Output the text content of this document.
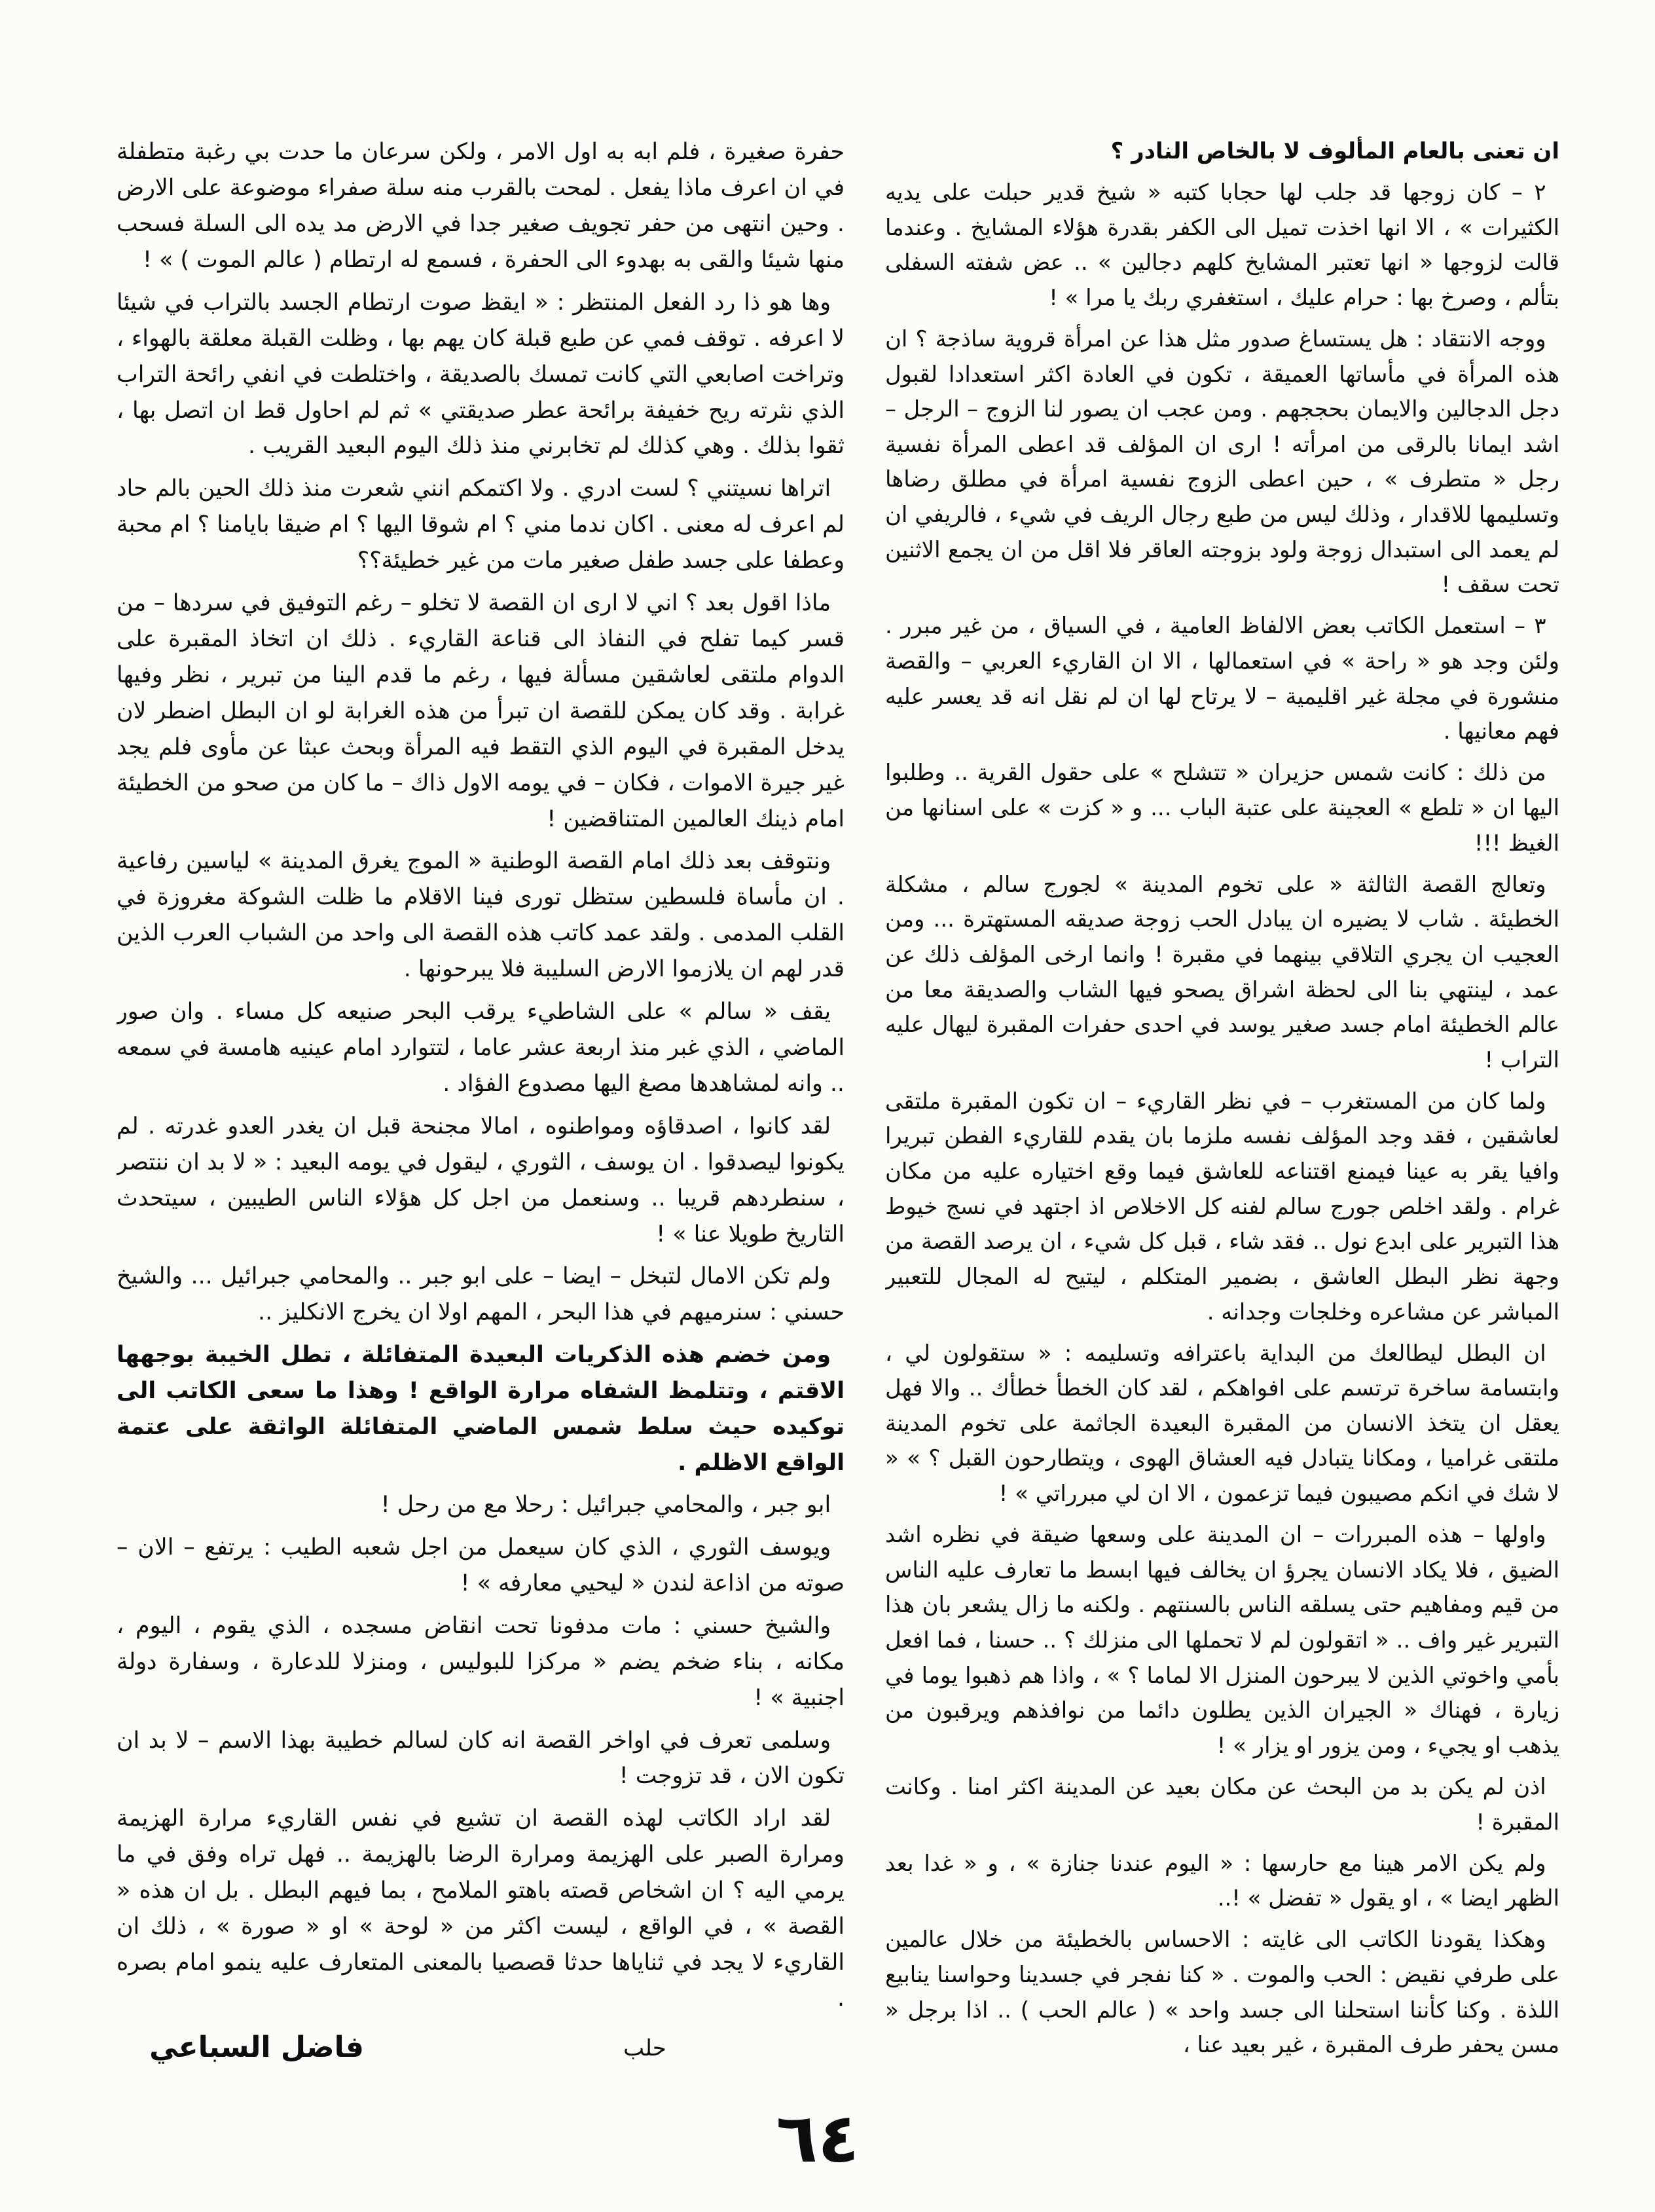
ان تعنى بالعام المألوف لا بالخاص النادر ؟

٢ – كان زوجها قد جلب لها حجابا كتبه « شيخ قدير حبلت على يديه الكثيرات » ، الا انها اخذت تميل الى الكفر بقدرة هؤلاء المشايخ . وعندما قالت لزوجها « انها تعتبر المشايخ كلهم دجالين » .. عض شفته السفلى بتألم ، وصرخ بها : حرام عليك ، استغفري ربك يا مرا » !

ووجه الانتقاد : هل يستساغ صدور مثل هذا عن امرأة قروية ساذجة ؟ ان هذه المرأة في مأساتها العميقة ، تكون في العادة اكثر استعدادا لقبول دجل الدجالين والايمان بحججهم . ومن عجب ان يصور لنا الزوج – الرجل – اشد ايمانا بالرقى من امرأته ! ارى ان المؤلف قد اعطى المرأة نفسية رجل « متطرف » ، حين اعطى الزوج نفسية امرأة في مطلق رضاها وتسليمها للاقدار ، وذلك ليس من طبع رجال الريف في شيء ، فالريفي ان لم يعمد الى استبدال زوجة ولود بزوجته العاقر فلا اقل من ان يجمع الاثنين تحت سقف !

٣ – استعمل الكاتب بعض الالفاظ العامية ، في السياق ، من غير مبرر . ولئن وجد هو « راحة » في استعمالها ، الا ان القاريء العربي – والقصة منشورة في مجلة غير اقليمية – لا يرتاح لها ان لم نقل انه قد يعسر عليه فهم معانيها .

من ذلك : كانت شمس حزيران « تتشلح » على حقول القرية .. وطلبوا اليها ان « تلطع » العجينة على عتبة الباب ... و « كزت » على اسنانها من الغيظ !!!

وتعالج القصة الثالثة « على تخوم المدينة » لجورج سالم ، مشكلة الخطيئة . شاب لا يضيره ان يبادل الحب زوجة صديقه المستهترة ... ومن العجيب ان يجري التلاقي بينهما في مقبرة ! وانما ارخى المؤلف ذلك عن عمد ، لينتهي بنا الى لحظة اشراق يصحو فيها الشاب والصديقة معا من عالم الخطيئة امام جسد صغير يوسد في احدى حفرات المقبرة ليهال عليه التراب !

ولما كان من المستغرب – في نظر القاريء – ان تكون المقبرة ملتقى لعاشقين ، فقد وجد المؤلف نفسه ملزما بان يقدم للقاريء الفطن تبريرا وافيا يقر به عينا فيمنع اقتناعه للعاشق فيما وقع اختياره عليه من مكان غرام . ولقد اخلص جورج سالم لفنه كل الاخلاص اذ اجتهد في نسج خيوط هذا التبرير على ابدع نول .. فقد شاء ، قبل كل شيء ، ان يرصد القصة من وجهة نظر البطل العاشق ، بضمير المتكلم ، ليتيح له المجال للتعبير المباشر عن مشاعره وخلجات وجدانه .

ان البطل ليطالعك من البداية باعترافه وتسليمه : « ستقولون لي ، وابتسامة ساخرة ترتسم على افواهكم ، لقد كان الخطأ خطأك .. والا فهل يعقل ان يتخذ الانسان من المقبرة البعيدة الجاثمة على تخوم المدينة ملتقى غراميا ، ومكانا يتبادل فيه العشاق الهوى ، ويتطارحون القبل ؟ » « لا شك في انكم مصيبون فيما تزعمون ، الا ان لي مبرراتي » !

واولها – هذه المبررات – ان المدينة على وسعها ضيقة في نظره اشد الضيق ، فلا يكاد الانسان يجرؤ ان يخالف فيها ابسط ما تعارف عليه الناس من قيم ومفاهيم حتى يسلقه الناس بالسنتهم . ولكنه ما زال يشعر بان هذا التبرير غير واف .. « اتقولون لم لا تحملها الى منزلك ؟ .. حسنا ، فما افعل بأمي واخوتي الذين لا يبرحون المنزل الا لماما ؟ » ، واذا هم ذهبوا يوما في زيارة ، فهناك « الجيران الذين يطلون دائما من نوافذهم ويرقبون من يذهب او يجيء ، ومن يزور او يزار » !

اذن لم يكن بد من البحث عن مكان بعيد عن المدينة اكثر امنا . وكانت المقبرة !

ولم يكن الامر هينا مع حارسها : « اليوم عندنا جنازة » ، و « غدا بعد الظهر ايضا » ، او يقول « تفضل » !..

وهكذا يقودنا الكاتب الى غايته : الاحساس بالخطيئة من خلال عالمين على طرفي نقيض : الحب والموت . « كنا نفجر في جسدينا وحواسنا ينابيع اللذة . وكنا كأننا استحلنا الى جسد واحد » ( عالم الحب ) .. اذا برجل « مسن يحفر طرف المقبرة ، غير بعيد عنا ،

حفرة صغيرة ، فلم ابه به اول الامر ، ولكن سرعان ما حدت بي رغبة متطفلة في ان اعرف ماذا يفعل . لمحت بالقرب منه سلة صفراء موضوعة على الارض . وحين انتهى من حفر تجويف صغير جدا في الارض مد يده الى السلة فسحب منها شيئا والقى به بهدوء الى الحفرة ، فسمع له ارتطام ( عالم الموت ) » !

وها هو ذا رد الفعل المنتظر : « ايقظ صوت ارتطام الجسد بالتراب في شيئا لا اعرفه . توقف فمي عن طبع قبلة كان يهم بها ، وظلت القبلة معلقة بالهواء ، وتراخت اصابعي التي كانت تمسك بالصديقة ، واختلطت في انفي رائحة التراب الذي نثرته ريح خفيفة برائحة عطر صديقتي » ثم لم احاول قط ان اتصل بها ، ثقوا بذلك . وهي كذلك لم تخابرني منذ ذلك اليوم البعيد القريب .

اتراها نسيتني ؟ لست ادري . ولا اكتمكم انني شعرت منذ ذلك الحين بالم حاد لم اعرف له معنى . اكان ندما مني ؟ ام شوقا اليها ؟ ام ضيقا بايامنا ؟ ام محبة وعطفا على جسد طفل صغير مات من غير خطيئة؟؟

ماذا اقول بعد ؟ اني لا ارى ان القصة لا تخلو – رغم التوفيق في سردها – من قسر كيما تفلح في النفاذ الى قناعة القاريء . ذلك ان اتخاذ المقبرة على الدوام ملتقى لعاشقين مسألة فيها ، رغم ما قدم الينا من تبرير ، نظر وفيها غرابة . وقد كان يمكن للقصة ان تبرأ من هذه الغرابة لو ان البطل اضطر لان يدخل المقبرة في اليوم الذي التقط فيه المرأة وبحث عبثا عن مأوى فلم يجد غير جيرة الاموات ، فكان – في يومه الاول ذاك – ما كان من صحو من الخطيئة امام ذينك العالمين المتناقضين !

ونتوقف بعد ذلك امام القصة الوطنية « الموج يغرق المدينة » لياسين رفاعية . ان مأساة فلسطين ستظل تورى فينا الاقلام ما ظلت الشوكة مغروزة في القلب المدمى . ولقد عمد كاتب هذه القصة الى واحد من الشباب العرب الذين قدر لهم ان يلازموا الارض السليبة فلا يبرحونها .

يقف « سالم » على الشاطيء يرقب البحر صنيعه كل مساء . وان صور الماضي ، الذي غبر منذ اربعة عشر عاما ، لتتوارد امام عينيه هامسة في سمعه .. وانه لمشاهدها مصغ اليها مصدوع الفؤاد .

لقد كانوا ، اصدقاؤه ومواطنوه ، امالا مجنحة قبل ان يغدر العدو غدرته . لم يكونوا ليصدقوا . ان يوسف ، الثوري ، ليقول في يومه البعيد : « لا بد ان ننتصر ، سنطردهم قريبا .. وسنعمل من اجل كل هؤلاء الناس الطيبين ، سيتحدث التاريخ طويلا عنا » !

ولم تكن الامال لتبخل – ايضا – على ابو جبر .. والمحامي جبرائيل ... والشيخ حسني : سنرميهم في هذا البحر ، المهم اولا ان يخرج الانكليز ..

ومن خضم هذه الذكريات البعيدة المتفائلة ، تطل الخيبة بوجهها الاقتم ، وتتلمظ الشفاه مرارة الواقع ! وهذا ما سعى الكاتب الى توكيده حيث سلط شمس الماضي المتفائلة الواثقة على عتمة الواقع الاظلم .

ابو جبر ، والمحامي جبرائيل : رحلا مع من رحل !

ويوسف الثوري ، الذي كان سيعمل من اجل شعبه الطيب : يرتفع – الان – صوته من اذاعة لندن « ليحيي معارفه » !

والشيخ حسني : مات مدفونا تحت انقاض مسجده ، الذي يقوم ، اليوم ، مكانه ، بناء ضخم يضم « مركزا للبوليس ، ومنزلا للدعارة ، وسفارة دولة اجنبية » !

وسلمى تعرف في اواخر القصة انه كان لسالم خطيبة بهذا الاسم – لا بد ان تكون الان ، قد تزوجت !

لقد اراد الكاتب لهذه القصة ان تشيع في نفس القاريء مرارة الهزيمة ومرارة الصبر على الهزيمة ومرارة الرضا بالهزيمة .. فهل تراه وفق في ما يرمي اليه ؟ ان اشخاص قصته باهتو الملامح ، بما فيهم البطل . بل ان هذه « القصة » ، في الواقع ، ليست اكثر من « لوحة » او « صورة » ، ذلك ان القاريء لا يجد في ثناياها حدثا قصصيا بالمعنى المتعارف عليه ينمو امام بصره .

فاضل السباعي	حلب
٦٤
